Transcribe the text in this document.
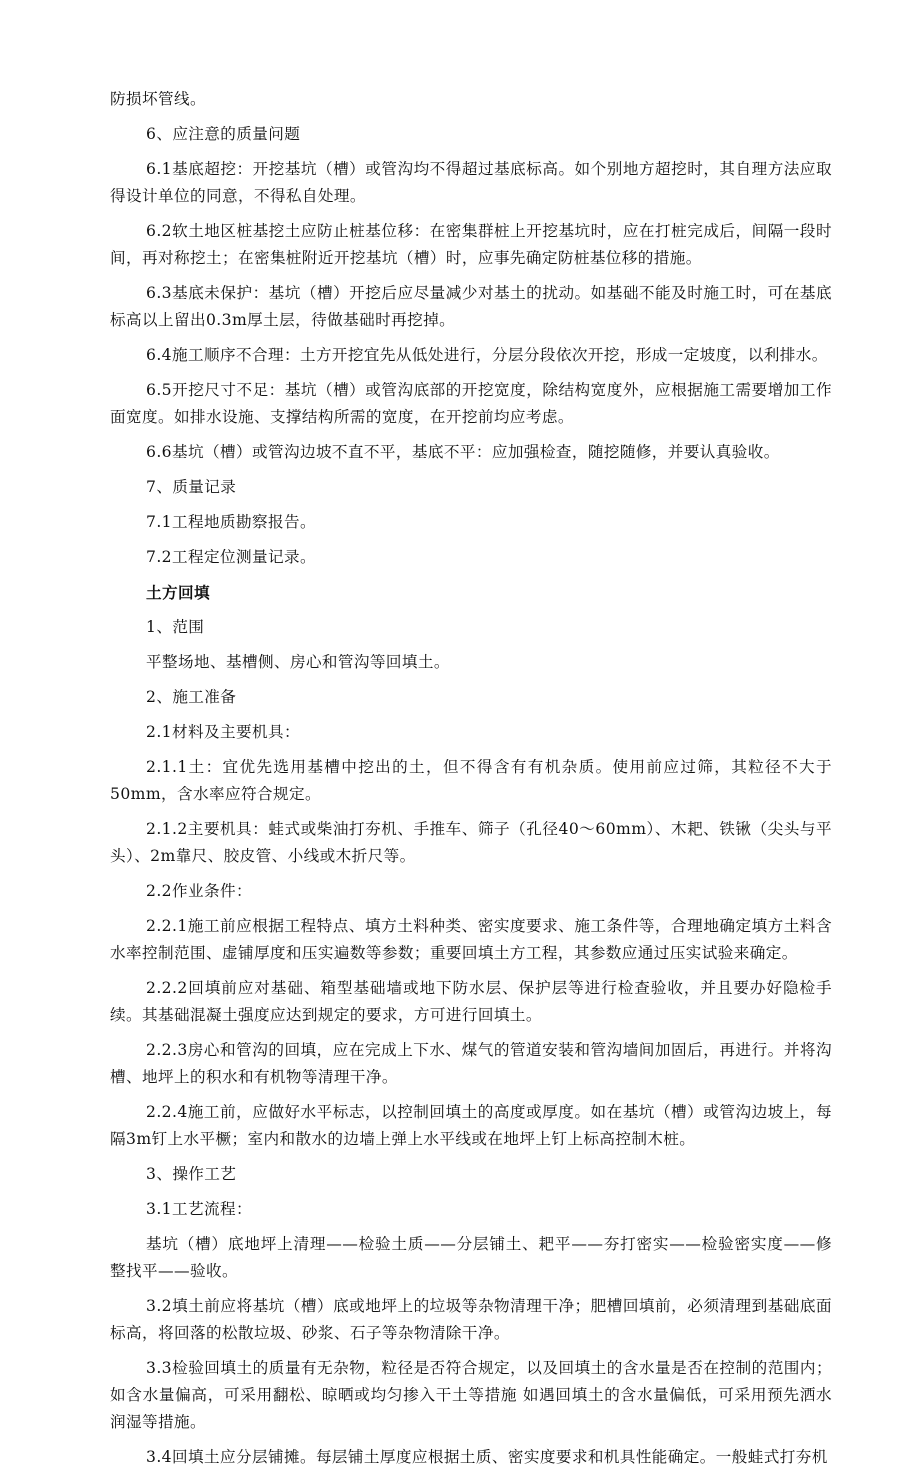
防损坏管线。

6、应注意的质量问题

6.1基底超挖：开挖基坑（槽）或管沟均不得超过基底标高。如个别地方超挖时，其自理方法应取得设计单位的同意，不得私自处理。

6.2软土地区桩基挖土应防止桩基位移：在密集群桩上开挖基坑时，应在打桩完成后，间隔一段时间，再对称挖土；在密集桩附近开挖基坑（槽）时，应事先确定防桩基位移的措施。

6.3基底未保护：基坑（槽）开挖后应尽量减少对基土的扰动。如基础不能及时施工时，可在基底标高以上留出0.3m厚土层，待做基础时再挖掉。

6.4施工顺序不合理：土方开挖宜先从低处进行，分层分段依次开挖，形成一定坡度，以利排水。

6.5开挖尺寸不足：基坑（槽）或管沟底部的开挖宽度，除结构宽度外，应根据施工需要增加工作面宽度。如排水设施、支撑结构所需的宽度，在开挖前均应考虑。

6.6基坑（槽）或管沟边坡不直不平，基底不平：应加强检查，随挖随修，并要认真验收。

7、质量记录

7.1工程地质勘察报告。

7.2工程定位测量记录。

土方回填

1、范围

平整场地、基槽侧、房心和管沟等回填土。

2、施工准备

2.1材料及主要机具：

2.1.1土：宜优先选用基槽中挖出的土，但不得含有有机杂质。使用前应过筛，其粒径不大于50mm，含水率应符合规定。

2.1.2主要机具：蛙式或柴油打夯机、手推车、筛子（孔径40～60mm）、木耙、铁锹（尖头与平头）、2m靠尺、胶皮管、小线或木折尺等。

2.2作业条件：

2.2.1施工前应根据工程特点、填方土料种类、密实度要求、施工条件等，合理地确定填方土料含水率控制范围、虚铺厚度和压实遍数等参数；重要回填土方工程，其参数应通过压实试验来确定。

2.2.2回填前应对基础、箱型基础墙或地下防水层、保护层等进行检查验收，并且要办好隐检手续。其基础混凝土强度应达到规定的要求，方可进行回填土。

2.2.3房心和管沟的回填，应在完成上下水、煤气的管道安装和管沟墙间加固后，再进行。并将沟槽、地坪上的积水和有机物等清理干净。

2.2.4施工前，应做好水平标志，以控制回填土的高度或厚度。如在基坑（槽）或管沟边坡上，每隔3m钉上水平橛；室内和散水的边墙上弹上水平线或在地坪上钉上标高控制木桩。

3、操作工艺

3.1工艺流程：

基坑（槽）底地坪上清理——检验土质——分层铺土、耙平——夯打密实——检验密实度——修整找平——验收。

3.2填土前应将基坑（槽）底或地坪上的垃圾等杂物清理干净；肥槽回填前，必须清理到基础底面标高，将回落的松散垃圾、砂浆、石子等杂物清除干净。

3.3检验回填土的质量有无杂物，粒径是否符合规定，以及回填土的含水量是否在控制的范围内；如含水量偏高，可采用翻松、晾晒或均匀掺入干土等措施 如遇回填土的含水量偏低，可采用预先洒水润湿等措施。

3.4回填土应分层铺摊。每层铺土厚度应根据土质、密实度要求和机具性能确定。一般蛙式打夯机
